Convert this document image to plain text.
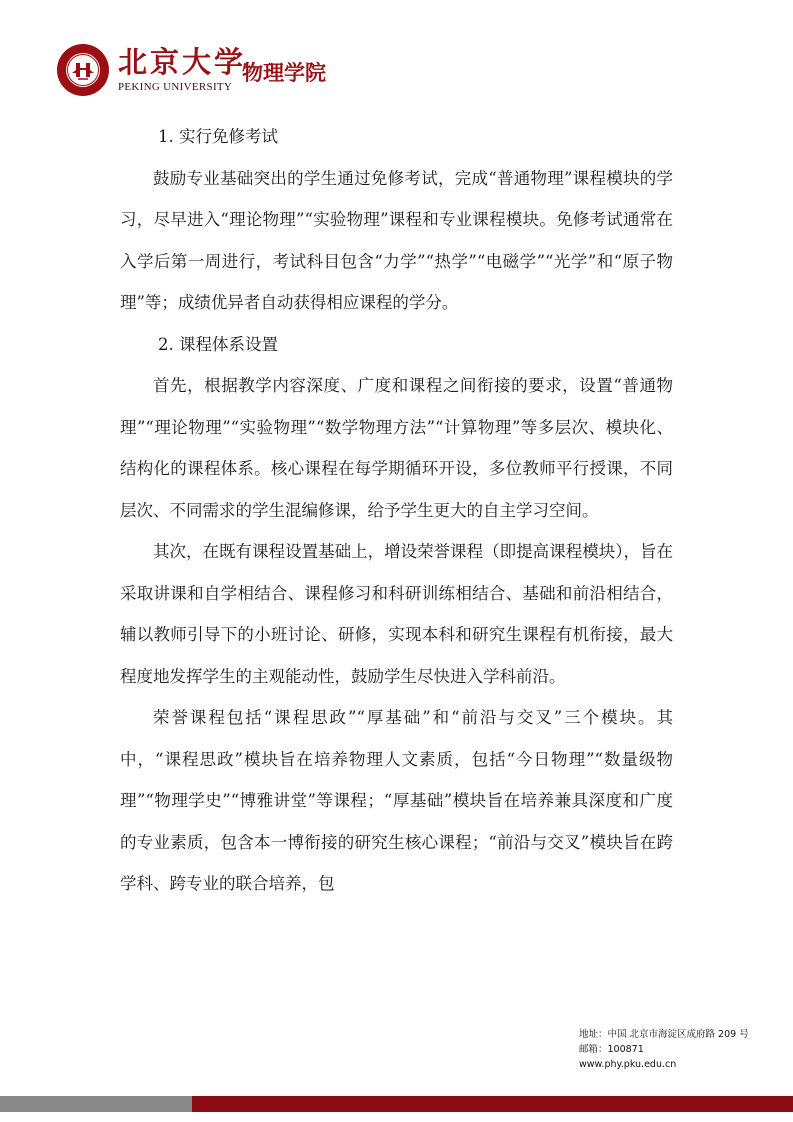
北京大学
PEKING UNIVERSITY
物理学院

1. 实行免修考试

鼓励专业基础突出的学生通过免修考试，完成“普通物理”课程模块的学习，尽早进入“理论物理”“实验物理”课程和专业课程模块。免修考试通常在入学后第一周进行，考试科目包含“力学”“热学”“电磁学”“光学”和“原子物理”等；成绩优异者自动获得相应课程的学分。

2. 课程体系设置

首先，根据教学内容深度、广度和课程之间衔接的要求，设置“普通物理”“理论物理”“实验物理”“数学物理方法”“计算物理”等多层次、模块化、结构化的课程体系。核心课程在每学期循环开设，多位教师平行授课，不同层次、不同需求的学生混编修课，给予学生更大的自主学习空间。

其次，在既有课程设置基础上，增设荣誉课程（即提高课程模块），旨在采取讲课和自学相结合、课程修习和科研训练相结合、基础和前沿相结合，辅以教师引导下的小班讨论、研修，实现本科和研究生课程有机衔接，最大程度地发挥学生的主观能动性，鼓励学生尽快进入学科前沿。

荣誉课程包括“课程思政”“厚基础”和“前沿与交叉”三个模块。其中，“课程思政”模块旨在培养物理人文素质，包括“今日物理”“数量级物理”“物理学史”“博雅讲堂”等课程；“厚基础”模块旨在培养兼具深度和广度的专业素质，包含本一博衔接的研究生核心课程；“前沿与交叉”模块旨在跨学科、跨专业的联合培养，包

地址：中国 北京市海淀区成府路 209 号
邮箱：100871
www.phy.pku.edu.cn
